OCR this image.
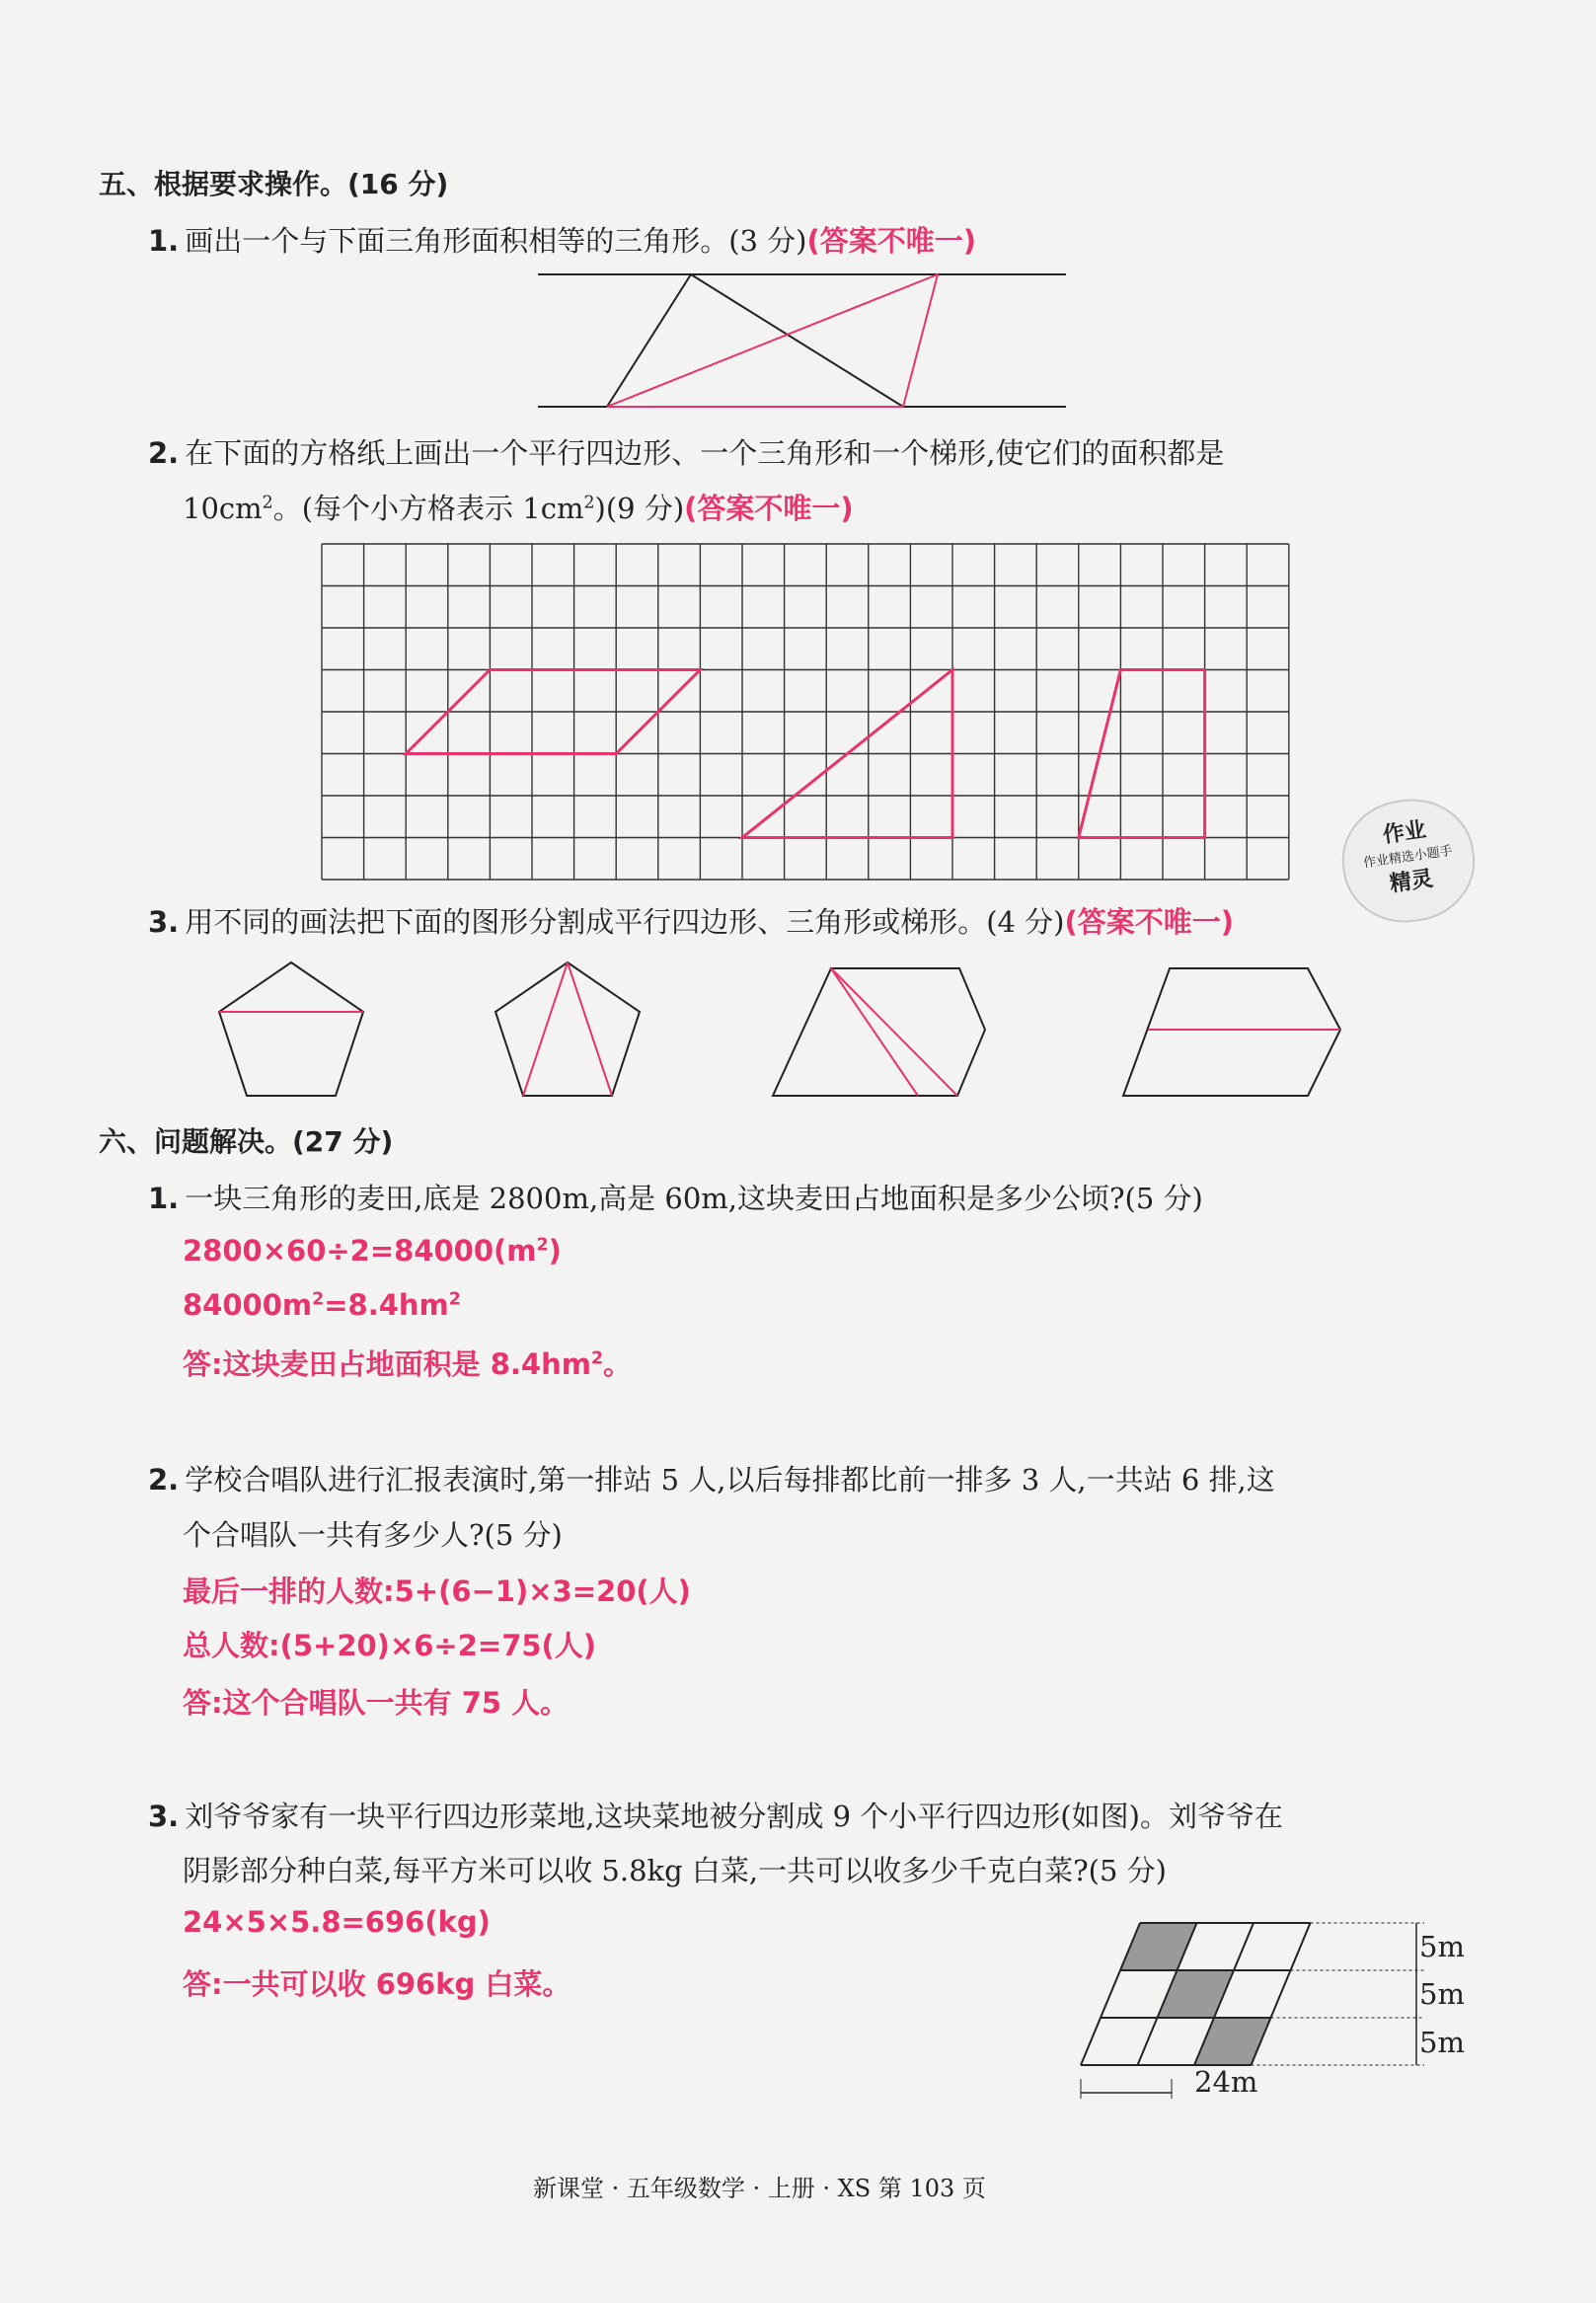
五、根据要求操作。(16 分)
1. 画出一个与下面三角形面积相等的三角形。(3 分)(答案不唯一)
2. 在下面的方格纸上画出一个平行四边形、一个三角形和一个梯形,使它们的面积都是
$10cm^2$。(每个小方格表示 $1cm^2)(9$ 分)(答案不唯一)
作业
作业精选小题手
精灵
3. 用不同的画法把下面的图形分割成平行四边形、三角形或梯形。(4 分)(答案不唯一)
六、问题解决。(27 分)
1. 一块三角形的麦田,底是 2800m,高是 60m,这块麦田占地面积是多少公顷?(5 分)
$2800\times 60\div 2=84000(m^2)$
$84000m^2=8.4hm^2$
答:这块麦田占地面积是 $8.4hm^2$。
2. 学校合唱队进行汇报表演时,第一排站 5 人,以后每排都比前一排多 3 人,一共站 6 排,这
个合唱队一共有多少人?(5 分)
最后一排的人数:5+(6−1)×3=20(人)
总人数:(5+20)×6÷2=75(人)
答:这个合唱队一共有 75 人。
3. 刘爷爷家有一块平行四边形菜地,这块菜地被分割成 9 个小平行四边形(如图)。刘爷爷在
阴影部分种白菜,每平方米可以收 5.8kg 白菜,一共可以收多少千克白菜?(5 分)
24×5×5.8=696(kg)
答:一共可以收 696kg 白菜。
5m
5m
5m
24m
新课堂 · 五年级数学 · 上册 · XS 第 103 页
